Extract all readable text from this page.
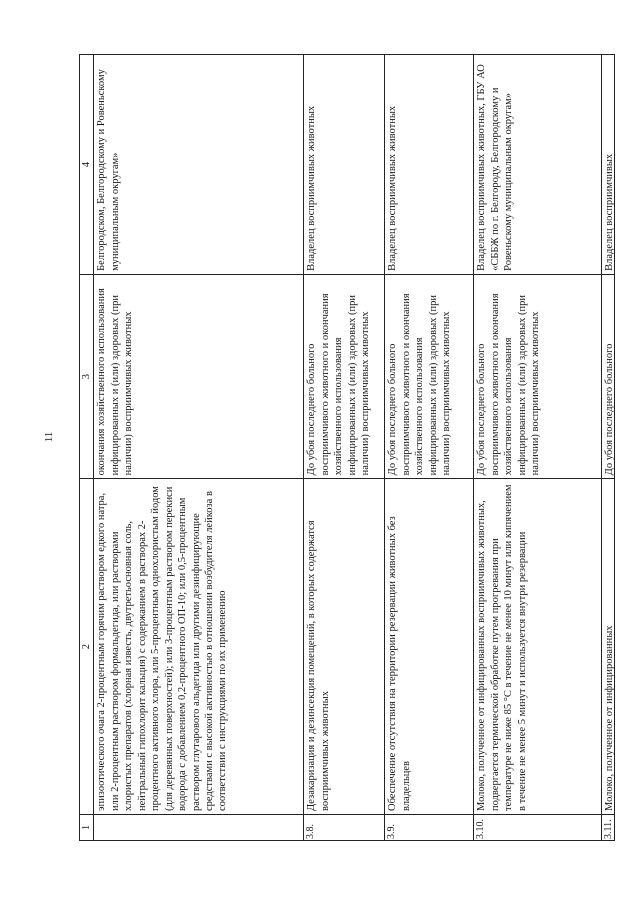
11
1	2	3	4
	эпизоотического очага 2-процентным горячим раствором едкого натра, или 2-процентным раствором формальдегида, или растворами хлористых препаратов (хлорная известь, двутретьосновная соль, нейтральный гипохлорит кальция) с содержанием в растворах 2-процентного активного хлора, или 5-процентным однохлористым йодом (для деревянных поверхностей); или 3-процентным раствором перекиси водорода с добавлением 0,2-процентного ОП-10; или 0,5-процентным раствором глутарового альдегида или другими дезинфицирующие средствами с высокой активностью в отношении возбудителя лейкоза в соответствии с инструкциями по их применению	окончания хозяйственного использования инфицированных и (или) здоровых (при наличии) восприимчивых животных	Белгородском, Белгородскому и Ровеньскому муниципальным округам»
3.8.	Дезакаризация и дезинсекция помещений, в которых содержатся восприимчивых животных	До убоя последнего больного восприимчивого животного и окончания хозяйственного использования инфицированных и (или) здоровых (при наличии) восприимчивых животных	Владелец восприимчивых животных
3.9.	Обеспечение отсутствия на территории резервации животных без владельцев	До убоя последнего больного восприимчивого животного и окончания хозяйственного использования инфицированных и (или) здоровых (при наличии) восприимчивых животных	Владелец восприимчивых животных
3.10.	Молоко, полученное от инфицированных восприимчивых животных, подвергается термической обработке путем прогревания при температуре не ниже 85 °С в течение не менее 10 минут или кипячением в течение не менее 5 минут и используется внутри резервации	До убоя последнего больного восприимчивого животного и окончания хозяйственного использования инфицированных и (или) здоровых (при наличии) восприимчивых животных	Владелец восприимчивых животных, ГБУ АО «СББЖ по г. Белгороду, Белгородскому и Ровеньскому муниципальным округам»

3.11.	Молоко, полученное от инфицированных	До убоя последнего больного	Владелец восприимчивых
